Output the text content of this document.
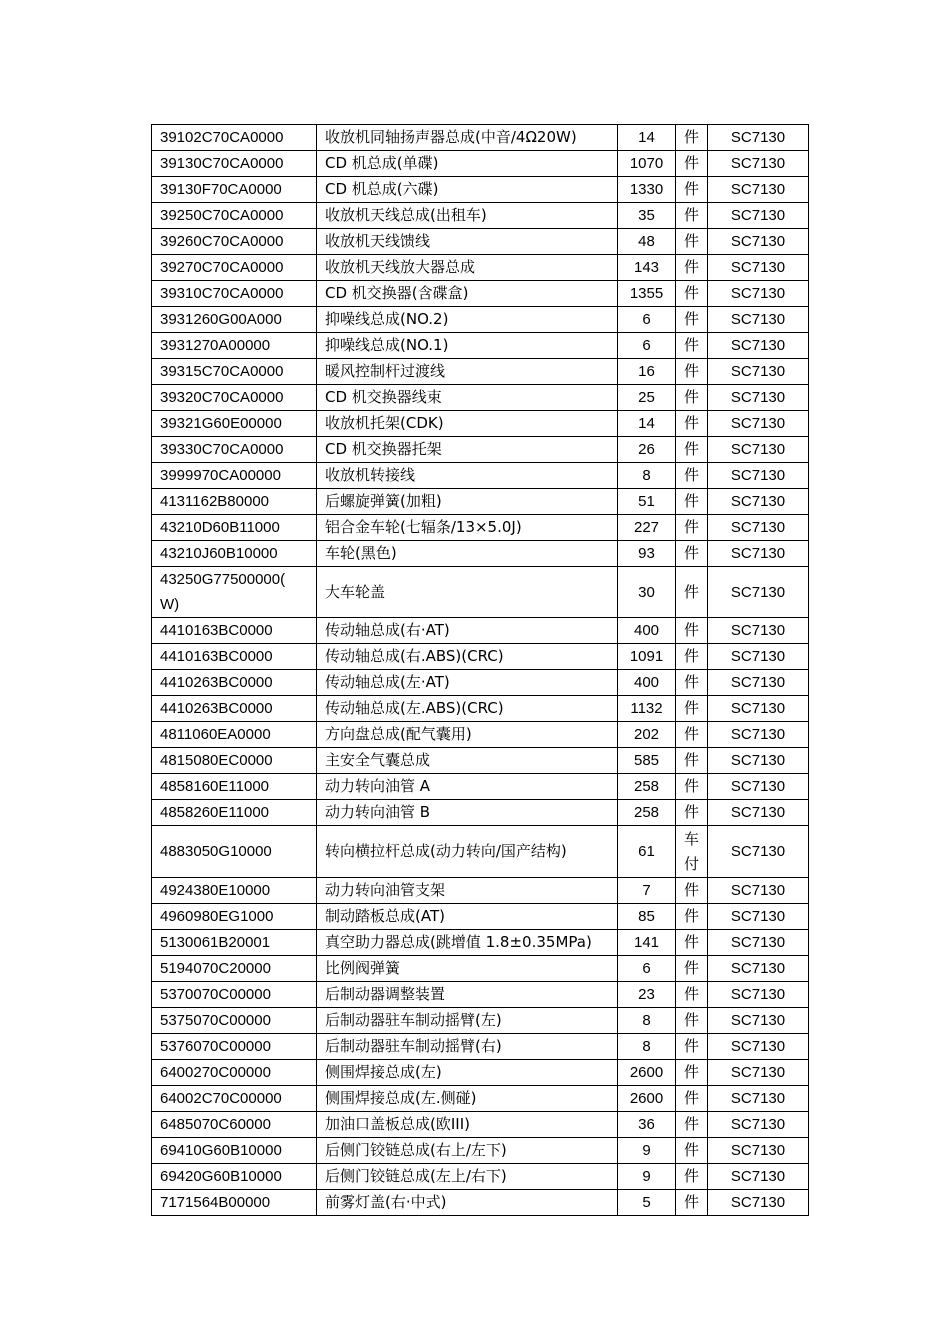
39102C70CA0000	收放机同轴扬声器总成(中音/4Ω20W)	14	件	SC7130
39130C70CA0000	CD 机总成(单碟)	1070	件	SC7130
39130F70CA0000	CD 机总成(六碟)	1330	件	SC7130
39250C70CA0000	收放机天线总成(出租车)	35	件	SC7130
39260C70CA0000	收放机天线馈线	48	件	SC7130
39270C70CA0000	收放机天线放大器总成	143	件	SC7130
39310C70CA0000	CD 机交换器(含碟盒)	1355	件	SC7130
3931260G00A000	抑噪线总成(NO.2)	6	件	SC7130
3931270A00000	抑噪线总成(NO.1)	6	件	SC7130
39315C70CA0000	暖风控制杆过渡线	16	件	SC7130
39320C70CA0000	CD 机交换器线束	25	件	SC7130
39321G60E00000	收放机托架(CDK)	14	件	SC7130
39330C70CA0000	CD 机交换器托架	26	件	SC7130
3999970CA00000	收放机转接线	8	件	SC7130
4131162B80000	后螺旋弹簧(加粗)	51	件	SC7130
43210D60B11000	铝合金车轮(七辐条/13×5.0J)	227	件	SC7130
43210J60B10000	车轮(黑色)	93	件	SC7130
43250G77500000(
W)	大车轮盖	30	件	SC7130
4410163BC0000	传动轴总成(右·AT)	400	件	SC7130
4410163BC0000	传动轴总成(右.ABS)(CRC)	1091	件	SC7130
4410263BC0000	传动轴总成(左·AT)	400	件	SC7130
4410263BC0000	传动轴总成(左.ABS)(CRC)	1132	件	SC7130
4811060EA0000	方向盘总成(配气囊用)	202	件	SC7130
4815080EC0000	主安全气囊总成	585	件	SC7130
4858160E11000	动力转向油管 A	258	件	SC7130
4858260E11000	动力转向油管 B	258	件	SC7130
4883050G10000	转向横拉杆总成(动力转向/国产结构)	61	车
付	SC7130
4924380E10000	动力转向油管支架	7	件	SC7130
4960980EG1000	制动踏板总成(AT)	85	件	SC7130
5130061B20001	真空助力器总成(跳增值 1.8±0.35MPa)	141	件	SC7130
5194070C20000	比例阀弹簧	6	件	SC7130
5370070C00000	后制动器调整装置	23	件	SC7130
5375070C00000	后制动器驻车制动摇臂(左)	8	件	SC7130
5376070C00000	后制动器驻车制动摇臂(右)	8	件	SC7130
6400270C00000	侧围焊接总成(左)	2600	件	SC7130
64002C70C00000	侧围焊接总成(左.侧碰)	2600	件	SC7130
6485070C60000	加油口盖板总成(欧III)	36	件	SC7130
69410G60B10000	后侧门铰链总成(右上/左下)	9	件	SC7130
69420G60B10000	后侧门铰链总成(左上/右下)	9	件	SC7130
7171564B00000	前雾灯盖(右·中式)	5	件	SC7130
